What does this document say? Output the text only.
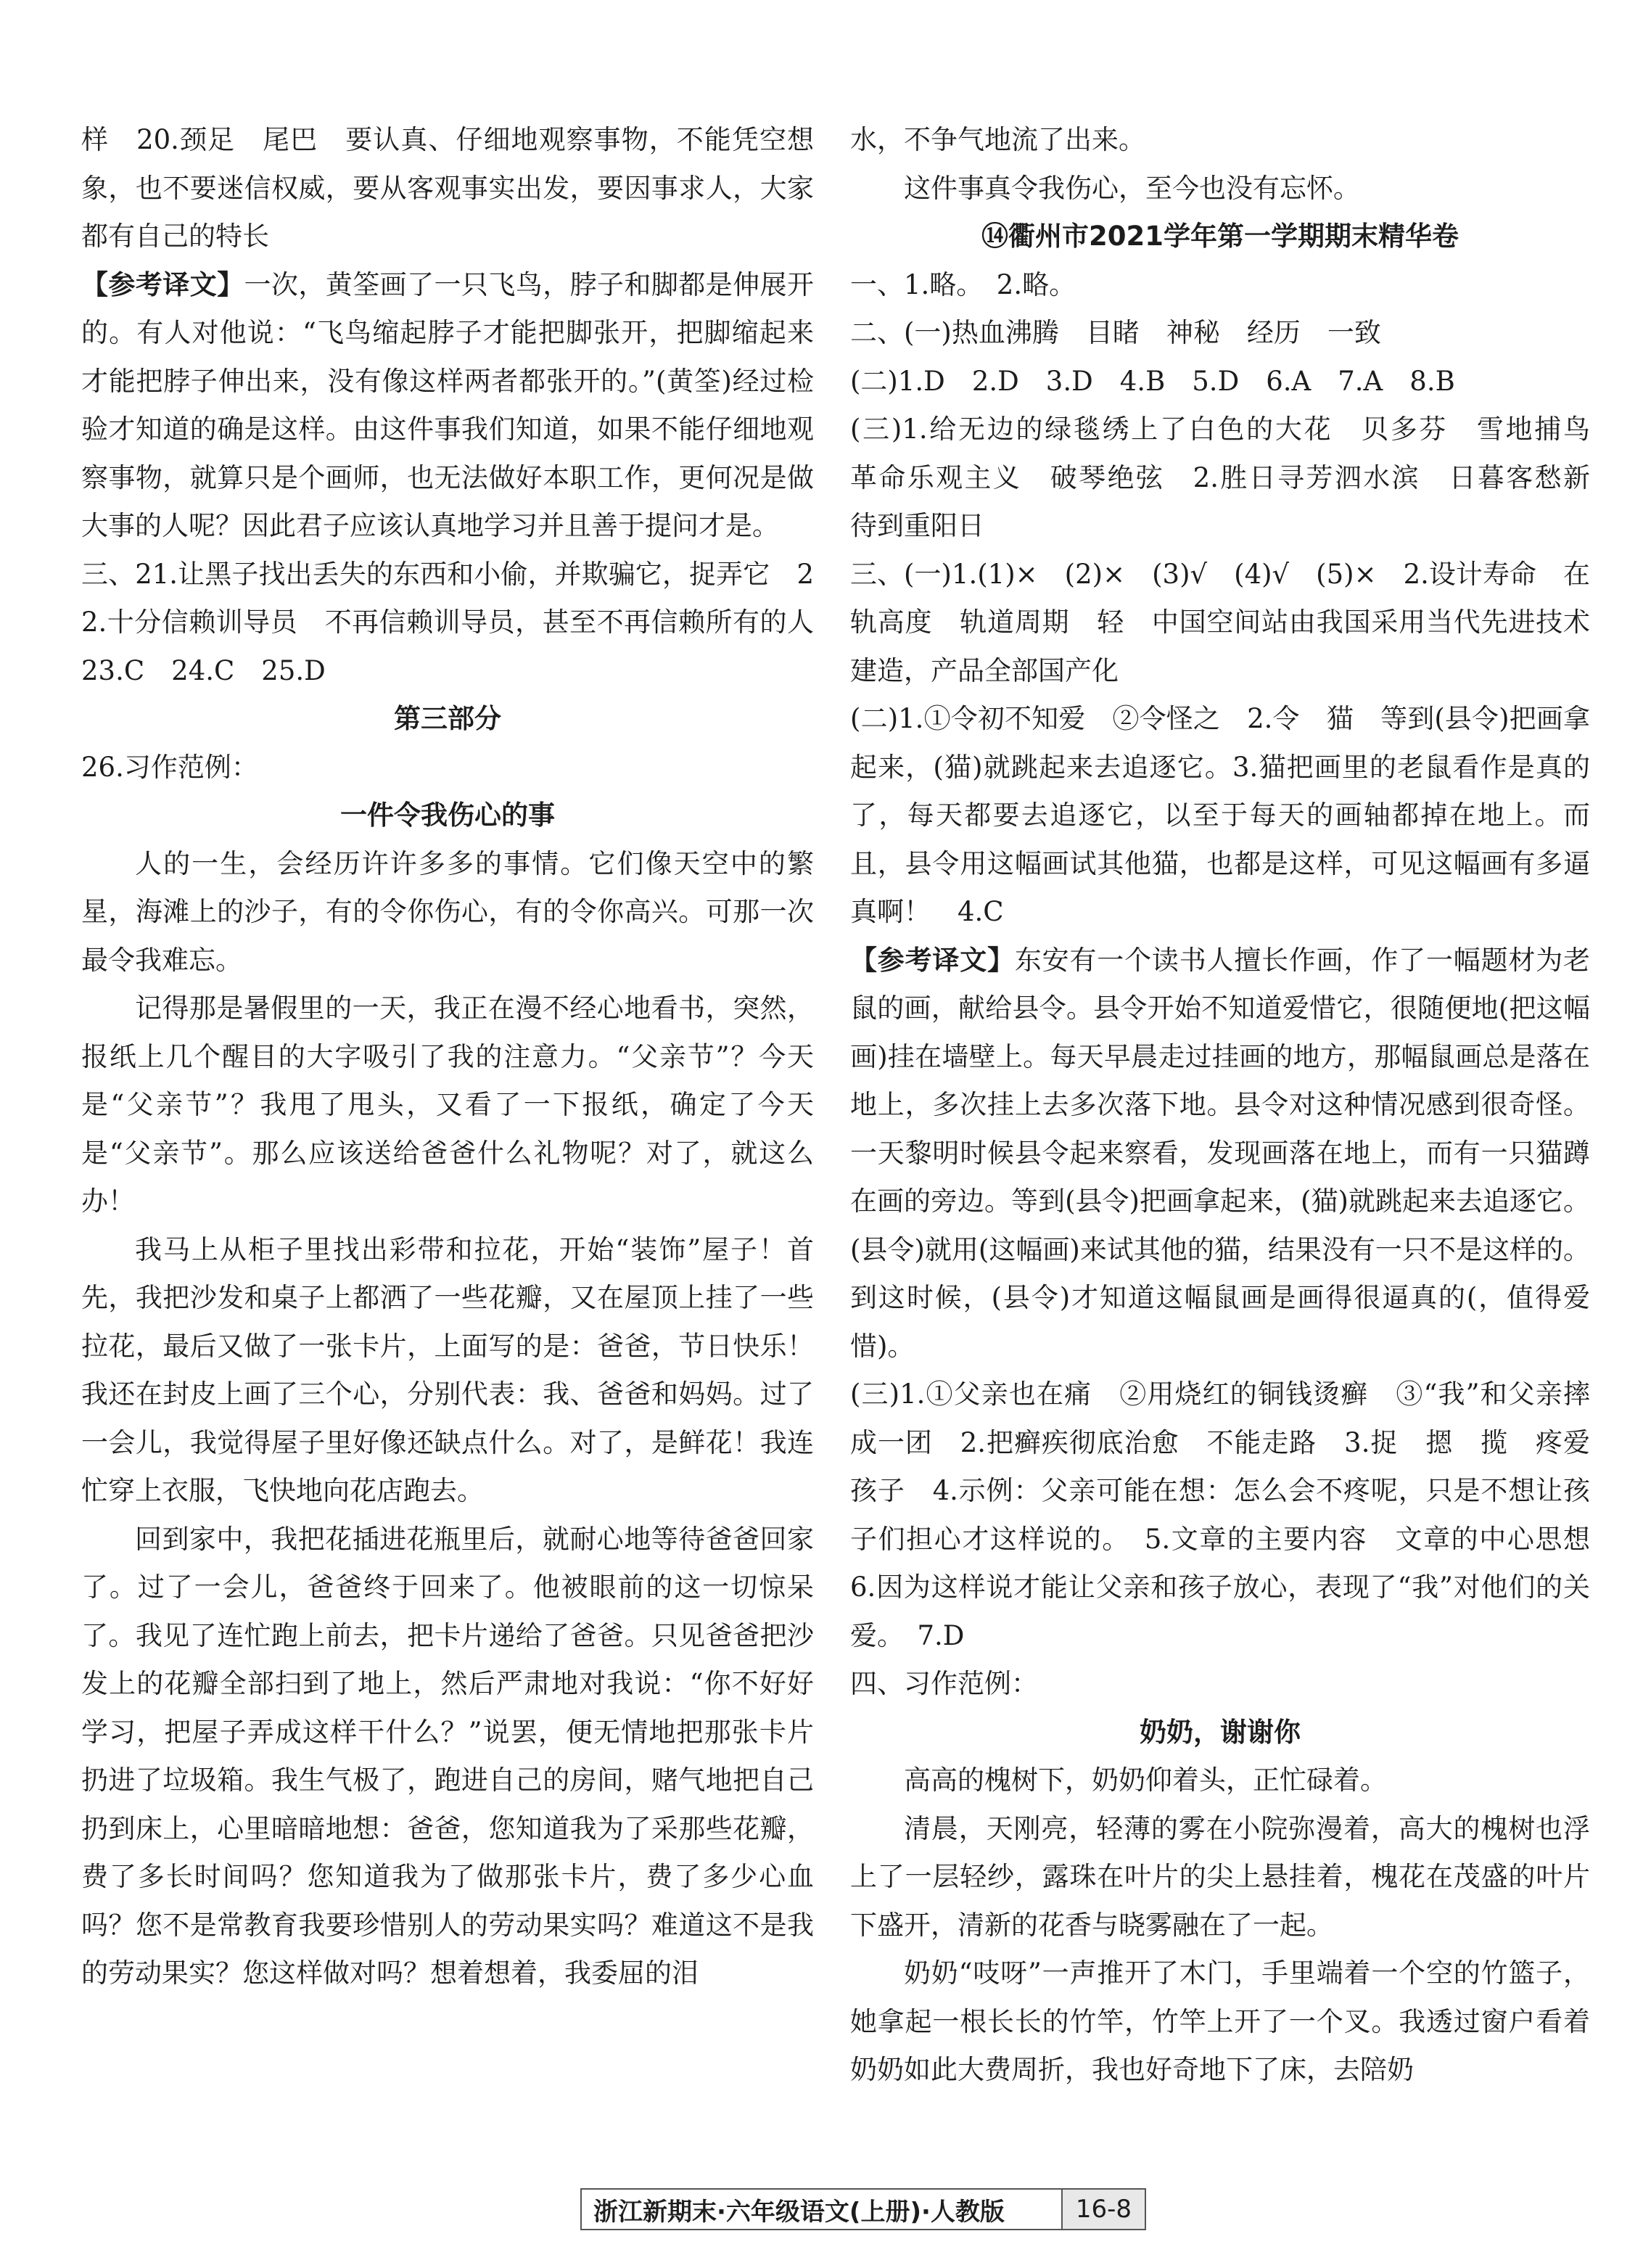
样　20.颈足　尾巴　要认真、仔细地观察事物，不能凭空想象，也不要迷信权威，要从客观事实出发，要因事求人，大家都有自己的特长

【参考译文】一次，黄筌画了一只飞鸟，脖子和脚都是伸展开的。有人对他说：“飞鸟缩起脖子才能把脚张开，把脚缩起来才能把脖子伸出来，没有像这样两者都张开的。”(黄筌)经过检验才知道的确是这样。由这件事我们知道，如果不能仔细地观察事物，就算只是个画师，也无法做好本职工作，更何况是做大事的人呢？因此君子应该认真地学习并且善于提问才是。

三、21.让黑子找出丢失的东西和小偷，并欺骗它，捉弄它　22.十分信赖训导员　不再信赖训导员，甚至不再信赖所有的人　23.C　24.C　25.D

第三部分

26.习作范例：

一件令我伤心的事

人的一生，会经历许许多多的事情。它们像天空中的繁星，海滩上的沙子，有的令你伤心，有的令你高兴。可那一次最令我难忘。

记得那是暑假里的一天，我正在漫不经心地看书，突然，报纸上几个醒目的大字吸引了我的注意力。“父亲节”？今天是“父亲节”？我甩了甩头，又看了一下报纸，确定了今天是“父亲节”。那么应该送给爸爸什么礼物呢？对了，就这么办！

我马上从柜子里找出彩带和拉花，开始“装饰”屋子！首先，我把沙发和桌子上都洒了一些花瓣，又在屋顶上挂了一些拉花，最后又做了一张卡片，上面写的是：爸爸，节日快乐！我还在封皮上画了三个心，分别代表：我、爸爸和妈妈。过了一会儿，我觉得屋子里好像还缺点什么。对了，是鲜花！我连忙穿上衣服，飞快地向花店跑去。

回到家中，我把花插进花瓶里后，就耐心地等待爸爸回家了。过了一会儿，爸爸终于回来了。他被眼前的这一切惊呆了。我见了连忙跑上前去，把卡片递给了爸爸。只见爸爸把沙发上的花瓣全部扫到了地上，然后严肃地对我说：“你不好好学习，把屋子弄成这样干什么？”说罢，便无情地把那张卡片扔进了垃圾箱。我生气极了，跑进自己的房间，赌气地把自己扔到床上，心里暗暗地想：爸爸，您知道我为了采那些花瓣，费了多长时间吗？您知道我为了做那张卡片，费了多少心血吗？您不是常教育我要珍惜别人的劳动果实吗？难道这不是我的劳动果实？您这样做对吗？想着想着，我委屈的泪

水，不争气地流了出来。

这件事真令我伤心，至今也没有忘怀。

⑭衢州市2021学年第一学期期末精华卷

一、1.略。　2.略。

二、(一)热血沸腾　目睹　神秘　经历　一致

(二)1.D　2.D　3.D　4.B　5.D　6.A　7.A　8.B

(三)1.给无边的绿毯绣上了白色的大花　贝多芬　雪地捕鸟　革命乐观主义　破琴绝弦　2.胜日寻芳泗水滨　日暮客愁新　待到重阳日

三、(一)1.(1)×　(2)×　(3)√　(4)√　(5)×　2.设计寿命　在轨高度　轨道周期　轻　中国空间站由我国采用当代先进技术建造，产品全部国产化

(二)1.①令初不知爱　②令怪之　2.令　猫　等到(县令)把画拿起来，(猫)就跳起来去追逐它。3.猫把画里的老鼠看作是真的了，每天都要去追逐它，以至于每天的画轴都掉在地上。而且，县令用这幅画试其他猫，也都是这样，可见这幅画有多逼真啊！　4.C

【参考译文】东安有一个读书人擅长作画，作了一幅题材为老鼠的画，献给县令。县令开始不知道爱惜它，很随便地(把这幅画)挂在墙壁上。每天早晨走过挂画的地方，那幅鼠画总是落在地上，多次挂上去多次落下地。县令对这种情况感到很奇怪。一天黎明时候县令起来察看，发现画落在地上，而有一只猫蹲在画的旁边。等到(县令)把画拿起来，(猫)就跳起来去追逐它。(县令)就用(这幅画)来试其他的猫，结果没有一只不是这样的。到这时候，(县令)才知道这幅鼠画是画得很逼真的(，值得爱惜)。

(三)1.①父亲也在痛　②用烧红的铜钱烫癣　③“我”和父亲摔成一团　2.把癣疾彻底治愈　不能走路　3.捉　摁　揽　疼爱孩子　4.示例：父亲可能在想：怎么会不疼呢，只是不想让孩子们担心才这样说的。　5.文章的主要内容　文章的中心思想　6.因为这样说才能让父亲和孩子放心，表现了“我”对他们的关爱。　7.D

四、习作范例：

奶奶，谢谢你

高高的槐树下，奶奶仰着头，正忙碌着。

清晨，天刚亮，轻薄的雾在小院弥漫着，高大的槐树也浮上了一层轻纱，露珠在叶片的尖上悬挂着，槐花在茂盛的叶片下盛开，清新的花香与晓雾融在了一起。

奶奶“吱呀”一声推开了木门，手里端着一个空的竹篮子，她拿起一根长长的竹竿，竹竿上开了一个叉。我透过窗户看着奶奶如此大费周折，我也好奇地下了床，去陪奶

浙江新期末·六年级语文(上册)·人教版	16-8
